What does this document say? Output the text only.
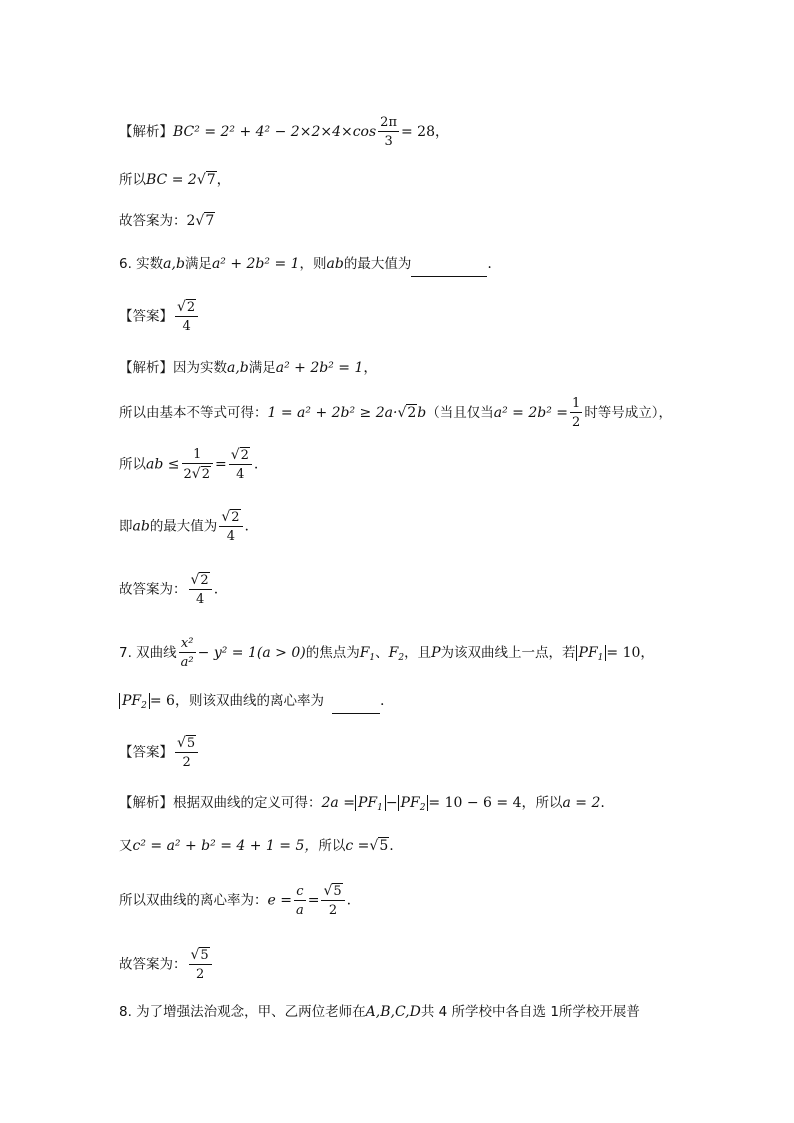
【解析】$BC^2 = 2^2 + 4^2 - 2\times 2\times 4\times\cos \frac{2\pi}{3} = 28$，
所以BC = 2√7，
故答案为：2√7
6. 实数a,b满足a² + 2b² = 1，则ab的最大值为	.
【答案】 $\frac{√2}{4}$
【解析】因为实数a,b满足a² + 2b² = 1，
所以由基本不等式可得：1 = a² + 2b² ≥ 2a·√2b（当且仅当$a^2 = 2b^2 = \frac{1}{2}$ 时等号成立），
所以ab ≤ $\frac{1}{2√2} = \frac{√2}{4}$ .
即ab的最大值为 $\frac{√2}{4}$ .
故答案为： $\frac{√2}{4}$ .
7. 双曲线 $\frac{\text{x²}}{\text{a²}} - y^2 = 1(a > 0)$的焦点为$F_1$、$F_2$，且P为该双曲线上一点，若 $PF_1 = 10$，
$PF_2 = 6$，则该双曲线的离心率为	.
【答案】 $\frac{√5}{2}$
【解析】根据双曲线的定义可得：$2a = PF_1 - PF_2 = 10 - 6 = 4$，所以a = 2.
又c² = a² + b² = 4 + 1 = 5，所以c =√5.
所以双曲线的离心率为：$e = \frac{c}{a} = \frac{√5}{2}$ .
故答案为： $\frac{√5}{2}$
8. 为了增强法治观念，甲、乙两位老师在A,B,C,D共 4 所学校中各自选 1所学校开展普
